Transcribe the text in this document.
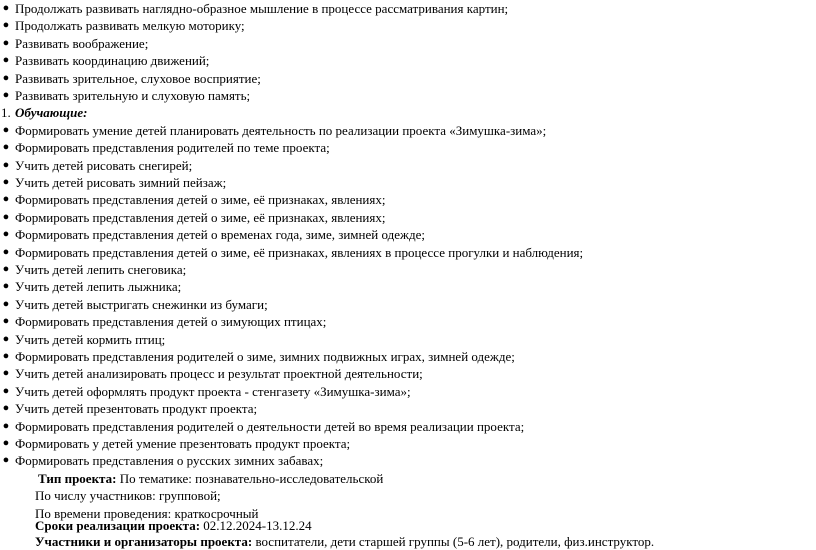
● Продолжать развивать наглядно-образное мышление в процессе рассматривания картин;
● Продолжать развивать мелкую моторику;
● Развивать воображение;
● Развивать координацию движений;
● Развивать зрительное, слуховое восприятие;
● Развивать зрительную и слуховую память;
1. Обучающие:
● Формировать умение детей планировать деятельность по реализации проекта «Зимушка-зима»;
● Формировать представления родителей по теме проекта;
● Учить детей рисовать снегирей;
● Учить детей рисовать зимний пейзаж;
● Формировать представления детей о зиме, её признаках, явлениях;
● Формировать представления детей о зиме, её признаках, явлениях;
● Формировать представления детей о временах года, зиме, зимней одежде;
● Формировать представления детей о зиме, её признаках, явлениях в процессе прогулки и наблюдения;
● Учить детей лепить снеговика;
● Учить детей лепить лыжника;
● Учить детей выстригать снежинки из бумаги;
● Формировать представления детей о зимующих птицах;
● Учить детей кормить птиц;
● Формировать представления родителей о зиме, зимних подвижных играх, зимней одежде;
● Учить детей анализировать процесс и результат проектной деятельности;
● Учить детей оформлять продукт проекта - стенгазету «Зимушка-зима»;
● Учить детей презентовать продукт проекта;
● Формировать представления родителей о деятельности детей во время реализации проекта;
● Формировать у детей умение презентовать продукт проекта;
● Формировать представления о русских зимних забавах;
Тип проекта: По тематике: познавательно-исследовательской
По числу участников: групповой;
По времени проведения: краткосрочный
Сроки реализации проекта: 02.12.2024-13.12.24
Участники и организаторы проекта: воспитатели, дети старшей группы (5-6 лет), родители, физ.инструктор.
